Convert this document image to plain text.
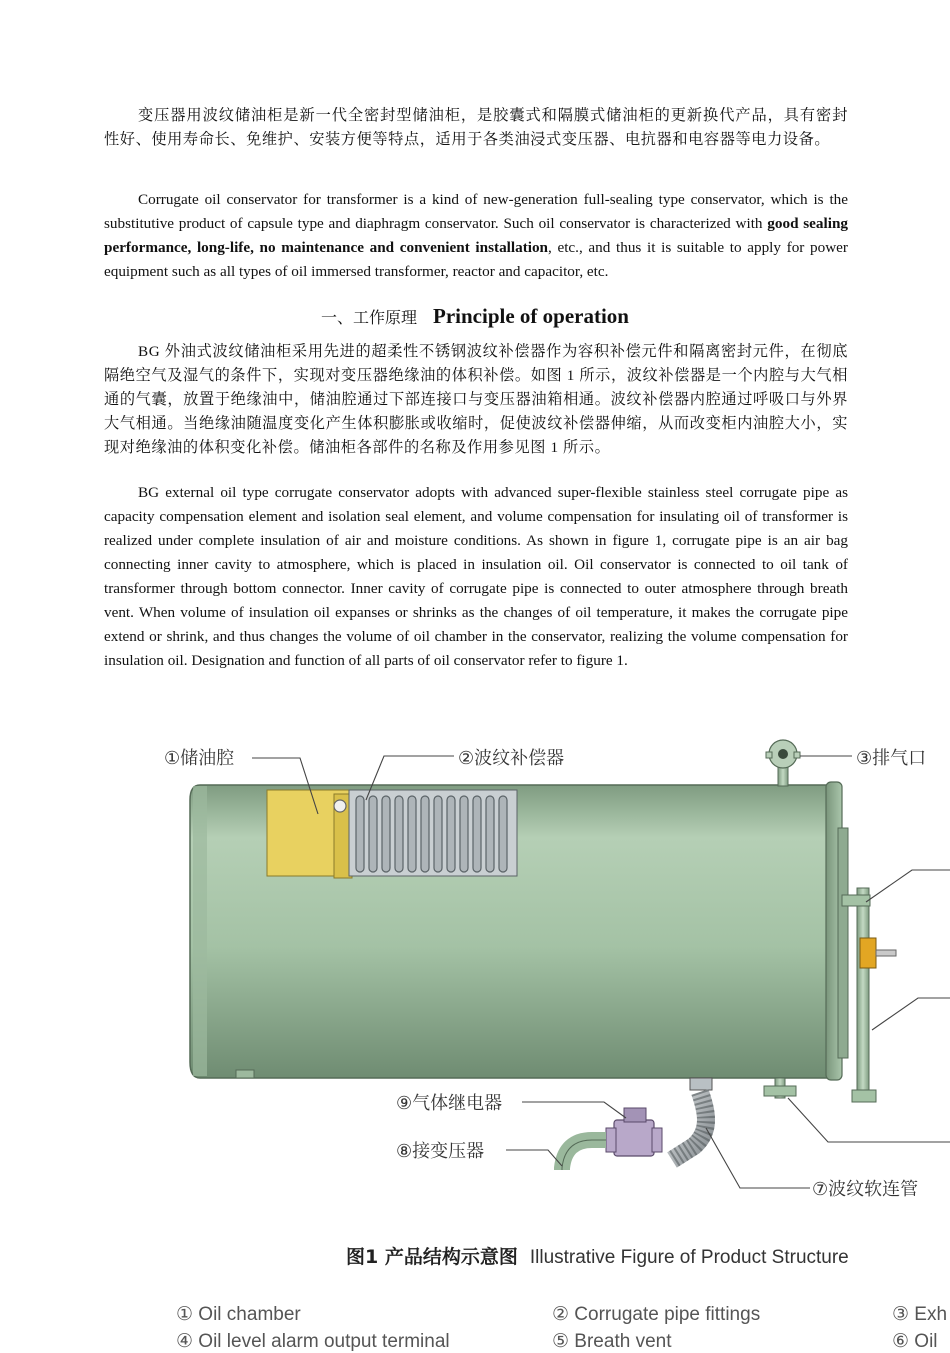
变压器用波纹储油柜是新一代全密封型储油柜，是胶囊式和隔膜式储油柜的更新换代产品，具有密封性好、使用寿命长、免维护、安装方便等特点，适用于各类油浸式变压器、电抗器和电容器等电力设备。
Corrugate oil conservator for transformer is a kind of new-generation full-sealing type conservator, which is the substitutive product of capsule type and diaphragm conservator. Such oil conservator is characterized with good sealing performance, long-life, no maintenance and convenient installation, etc., and thus it is suitable to apply for power equipment such as all types of oil immersed transformer, reactor and capacitor, etc.
一、工作原理 Principle of operation
BG 外油式波纹储油柜采用先进的超柔性不锈钢波纹补偿器作为容积补偿元件和隔离密封元件，在彻底隔绝空气及湿气的条件下，实现对变压器绝缘油的体积补偿。如图 1 所示，波纹补偿器是一个内腔与大气相通的气囊，放置于绝缘油中，储油腔通过下部连接口与变压器油箱相通。波纹补偿器内腔通过呼吸口与外界大气相通。当绝缘油随温度变化产生体积膨胀或收缩时，促使波纹补偿器伸缩，从而改变柜内油腔大小，实现对绝缘油的体积变化补偿。储油柜各部件的名称及作用参见图 1 所示。
BG external oil type corrugate conservator adopts with advanced super-flexible stainless steel corrugate pipe as capacity compensation element and isolation seal element, and volume compensation for insulating oil of transformer is realized under complete insulation of air and moisture conditions. As shown in figure 1, corrugate pipe is an air bag connecting inner cavity to atmosphere, which is placed in insulation oil. Oil conservator is connected to oil tank of transformer through bottom connector. Inner cavity of corrugate pipe is connected to outer atmosphere through breath vent. When volume of insulation oil expanses or shrinks as the changes of oil temperature, it makes the corrugate pipe extend or shrink, and thus changes the volume of oil chamber in the conservator, realizing the volume compensation for insulation oil. Designation and function of all parts of oil conservator refer to figure 1.
①储油腔	②波纹补偿器	③排气口
⑨气体继电器
⑧接变压器
⑦波纹软连管
图1 产品结构示意图 Illustrative Figure of Product Structure
① Oil chamber	② Corrugate pipe fittings	③ Exh
④ Oil level alarm output terminal	⑤ Breath vent	⑥ Oil
